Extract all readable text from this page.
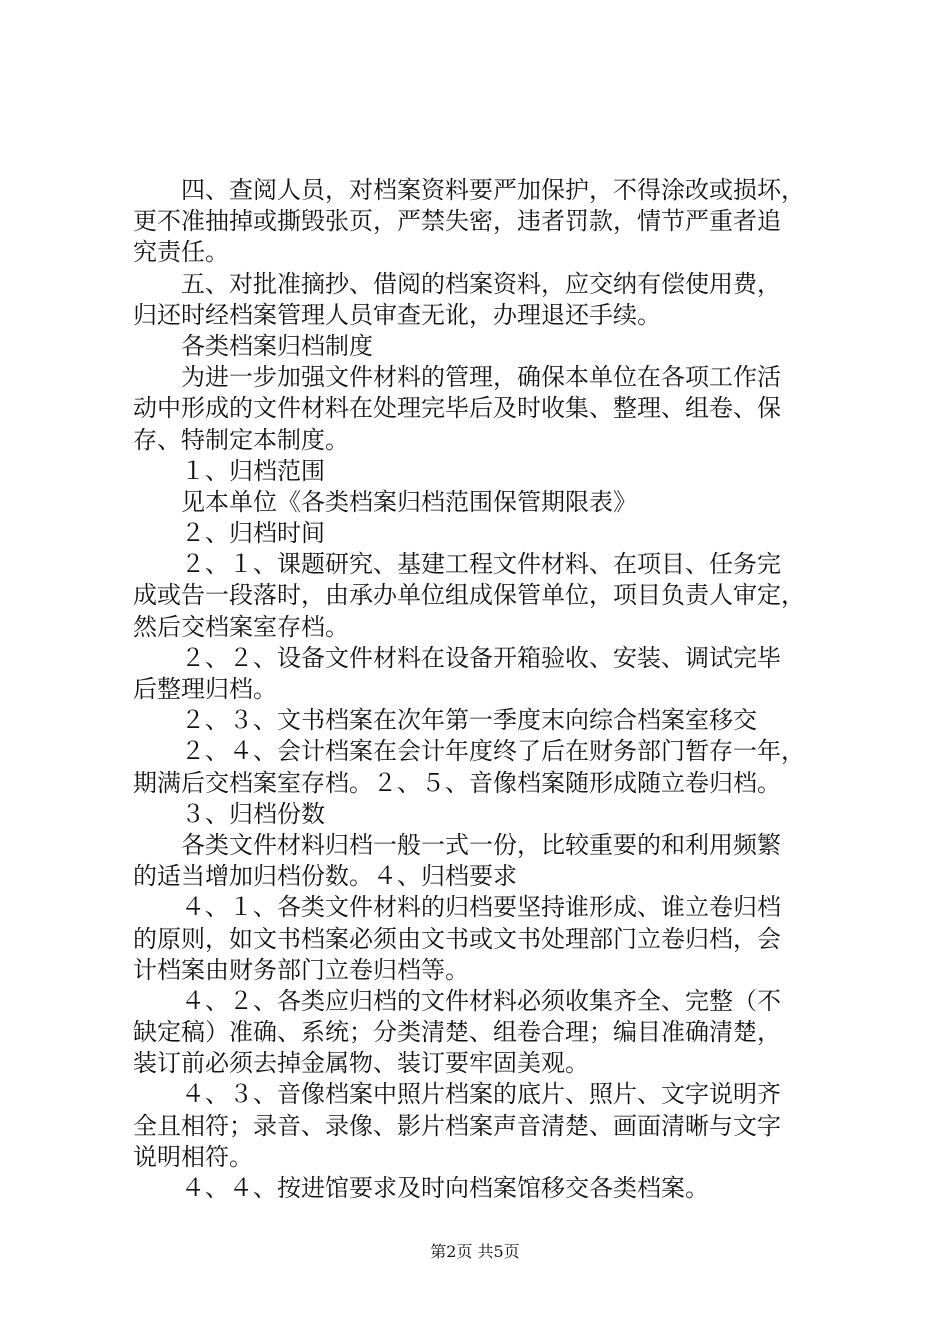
　　四、查阅人员，对档案资料要严加保护，不得涂改或损坏，
更不准抽掉或撕毁张页，严禁失密，违者罚款，情节严重者追
究责任。
　　五、对批准摘抄、借阅的档案资料，应交纳有偿使用费，
归还时经档案管理人员审查无讹，办理退还手续。
　　各类档案归档制度
　　为进一步加强文件材料的管理，确保本单位在各项工作活
动中形成的文件材料在处理完毕后及时收集、整理、组卷、保
存、特制定本制度。
　　１、归档范围
　　见本单位《各类档案归档范围保管期限表》
　　２、归档时间
　　２、１、课题研究、基建工程文件材料、在项目、任务完
成或告一段落时，由承办单位组成保管单位，项目负责人审定，
然后交档案室存档。
　　２、２、设备文件材料在设备开箱验收、安装、调试完毕
后整理归档。
　　２、３、文书档案在次年第一季度末向综合档案室移交
　　２、４、会计档案在会计年度终了后在财务部门暂存一年，
期满后交档案室存档。２、５、音像档案随形成随立卷归档。
　　３、归档份数
　　各类文件材料归档一般一式一份，比较重要的和利用频繁
的适当增加归档份数。４、归档要求
　　４、１、各类文件材料的归档要坚持谁形成、谁立卷归档
的原则，如文书档案必须由文书或文书处理部门立卷归档，会
计档案由财务部门立卷归档等。
　　４、２、各类应归档的文件材料必须收集齐全、完整（不
缺定稿）准确、系统；分类清楚、组卷合理；编目准确清楚，
装订前必须去掉金属物、装订要牢固美观。
　　４、３、音像档案中照片档案的底片、照片、文字说明齐
全且相符；录音、录像、影片档案声音清楚、画面清晰与文字
说明相符。
　　４、４、按进馆要求及时向档案馆移交各类档案。
第2页 共5页
